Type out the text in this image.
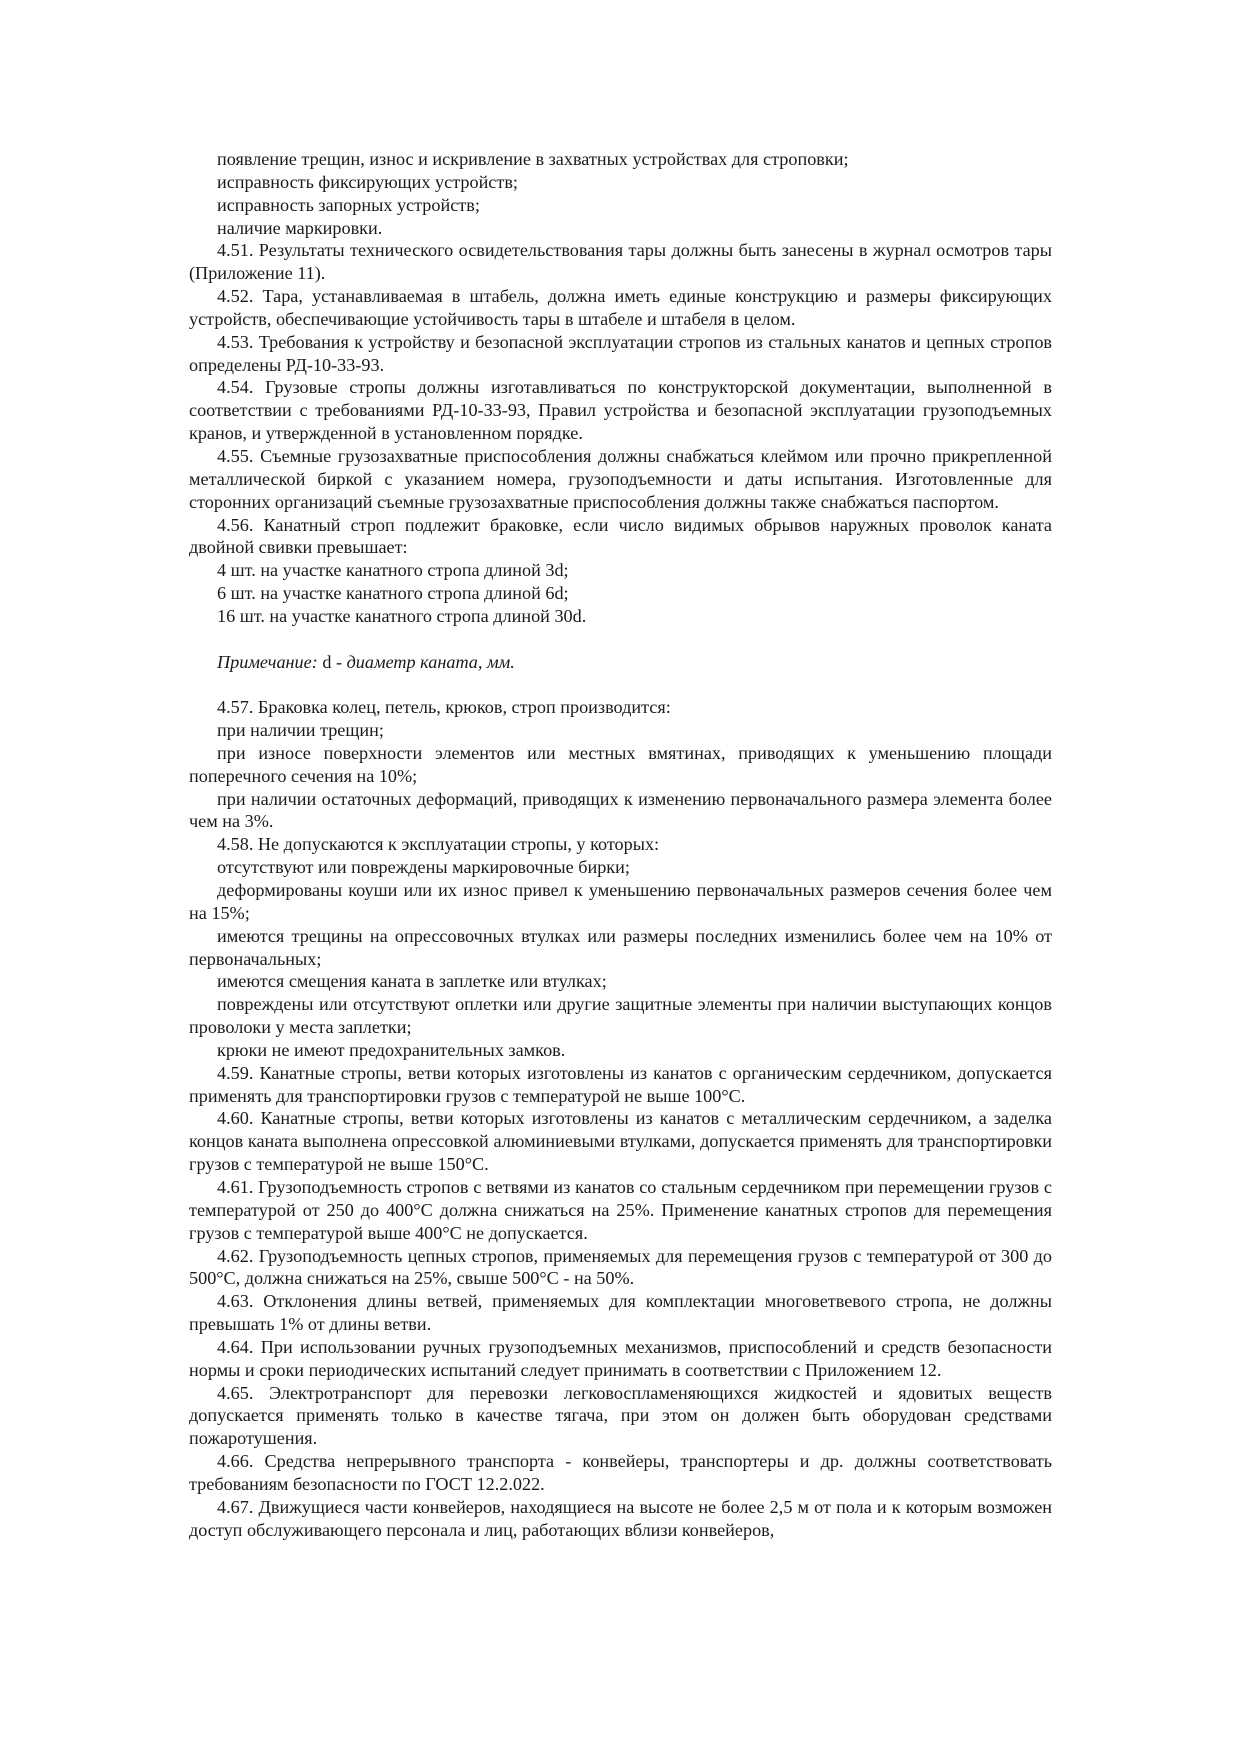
появление трещин, износ и искривление в захватных устройствах для строповки;

исправность фиксирующих устройств;

исправность запорных устройств;

наличие маркировки.

4.51. Результаты технического освидетельствования тары должны быть занесены в журнал осмотров тары (Приложение 11).

4.52. Тара, устанавливаемая в штабель, должна иметь единые конструкцию и размеры фиксирующих устройств, обеспечивающие устойчивость тары в штабеле и штабеля в целом.

4.53. Требования к устройству и безопасной эксплуатации стропов из стальных канатов и цепных стропов определены РД-10-33-93.

4.54. Грузовые стропы должны изготавливаться по конструкторской документации, выполненной в соответствии с требованиями РД-10-33-93, Правил устройства и безопасной эксплуатации грузоподъемных кранов, и утвержденной в установленном порядке.

4.55. Съемные грузозахватные приспособления должны снабжаться клеймом или прочно прикрепленной металлической биркой с указанием номера, грузоподъемности и даты испытания. Изготовленные для сторонних организаций съемные грузозахватные приспособления должны также снабжаться паспортом.

4.56. Канатный строп подлежит браковке, если число видимых обрывов наружных проволок каната двойной свивки превышает:

4 шт. на участке канатного стропа длиной 3d;

6 шт. на участке канатного стропа длиной 6d;

16 шт. на участке канатного стропа длиной 30d.

Примечание: d - диаметр каната, мм.

4.57. Браковка колец, петель, крюков, строп производится:

при наличии трещин;

при износе поверхности элементов или местных вмятинах, приводящих к уменьшению площади поперечного сечения на 10%;

при наличии остаточных деформаций, приводящих к изменению первоначального размера элемента более чем на 3%.

4.58. Не допускаются к эксплуатации стропы, у которых:

отсутствуют или повреждены маркировочные бирки;

деформированы коуши или их износ привел к уменьшению первоначальных размеров сечения более чем на 15%;

имеются трещины на опрессовочных втулках или размеры последних изменились более чем на 10% от первоначальных;

имеются смещения каната в заплетке или втулках;

повреждены или отсутствуют оплетки или другие защитные элементы при наличии выступающих концов проволоки у места заплетки;

крюки не имеют предохранительных замков.

4.59. Канатные стропы, ветви которых изготовлены из канатов с органическим сердечником, допускается применять для транспортировки грузов с температурой не выше 100°С.

4.60. Канатные стропы, ветви которых изготовлены из канатов с металлическим сердечником, а заделка концов каната выполнена опрессовкой алюминиевыми втулками, допускается применять для транспортировки грузов с температурой не выше 150°С.

4.61. Грузоподъемность стропов с ветвями из канатов со стальным сердечником при перемещении грузов с температурой от 250 до 400°С должна снижаться на 25%. Применение канатных стропов для перемещения грузов с температурой выше 400°С не допускается.

4.62. Грузоподъемность цепных стропов, применяемых для перемещения грузов с температурой от 300 до 500°С, должна снижаться на 25%, свыше 500°С - на 50%.

4.63. Отклонения длины ветвей, применяемых для комплектации многоветвевого стропа, не должны превышать 1% от длины ветви.

4.64. При использовании ручных грузоподъемных механизмов, приспособлений и средств безопасности нормы и сроки периодических испытаний следует принимать в соответствии с Приложением 12.

4.65. Электротранспорт для перевозки легковоспламеняющихся жидкостей и ядовитых веществ допускается применять только в качестве тягача, при этом он должен быть оборудован средствами пожаротушения.

4.66. Средства непрерывного транспорта - конвейеры, транспортеры и др. должны соответствовать требованиям безопасности по ГОСТ 12.2.022.

4.67. Движущиеся части конвейеров, находящиеся на высоте не более 2,5 м от пола и к которым возможен доступ обслуживающего персонала и лиц, работающих вблизи конвейеров,
